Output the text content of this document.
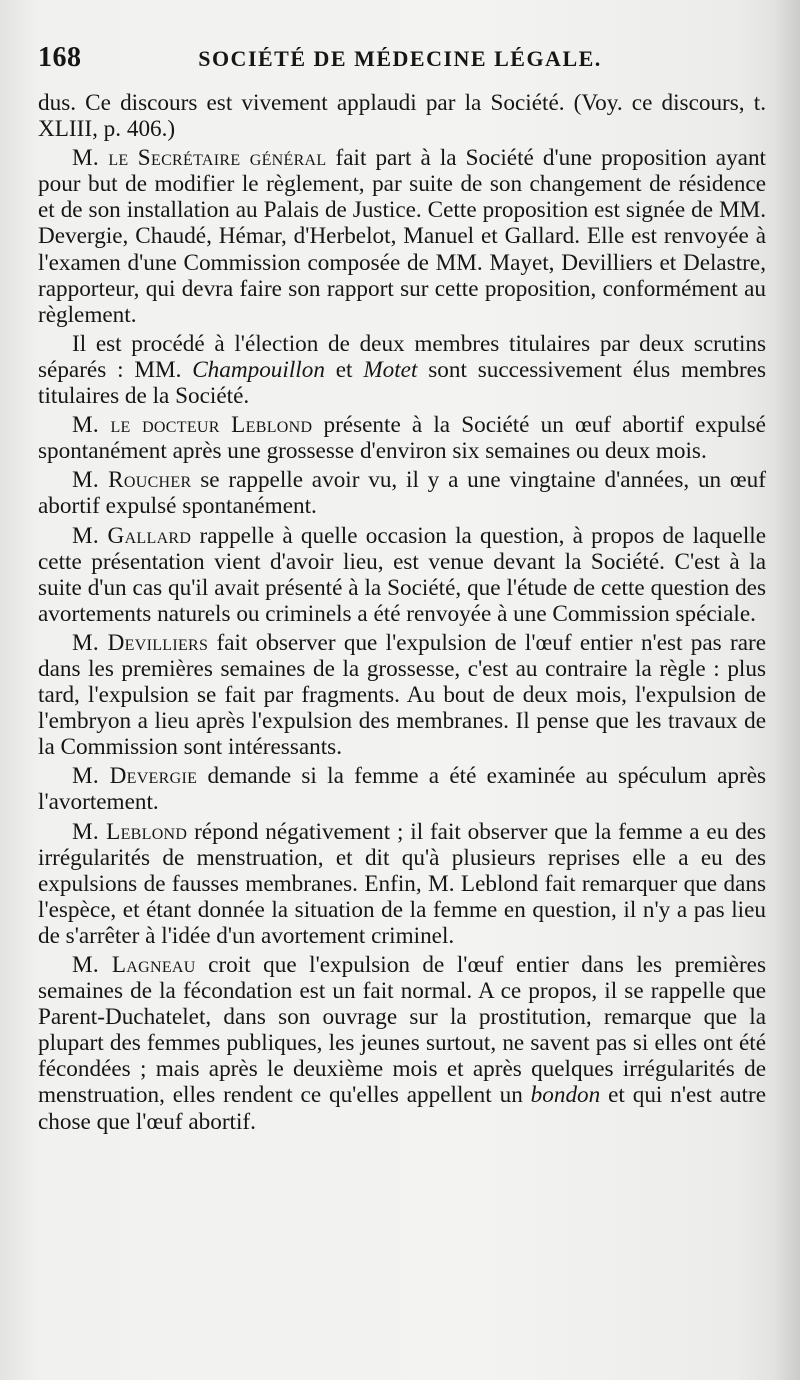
168	SOCIÉTÉ DE MÉDECINE LÉGALE.

dus. Ce discours est vivement applaudi par la Société. (Voy. ce discours, t. XLIII, p. 406.)

M. le Secrétaire général fait part à la Société d'une proposition ayant pour but de modifier le règlement, par suite de son changement de résidence et de son installation au Palais de Justice. Cette proposition est signée de MM. Devergie, Chaudé, Hémar, d'Herbelot, Manuel et Gallard. Elle est renvoyée à l'examen d'une Commission composée de MM. Mayet, Devilliers et Delastre, rapporteur, qui devra faire son rapport sur cette proposition, conformément au règlement.

Il est procédé à l'élection de deux membres titulaires par deux scrutins séparés : MM. Champouillon et Motet sont successivement élus membres titulaires de la Société.

M. le docteur Leblond présente à la Société un œuf abortif expulsé spontanément après une grossesse d'environ six semaines ou deux mois.

M. Roucher se rappelle avoir vu, il y a une vingtaine d'années, un œuf abortif expulsé spontanément.

M. Gallard rappelle à quelle occasion la question, à propos de laquelle cette présentation vient d'avoir lieu, est venue devant la Société. C'est à la suite d'un cas qu'il avait présenté à la Société, que l'étude de cette question des avortements naturels ou criminels a été renvoyée à une Commission spéciale.

M. Devilliers fait observer que l'expulsion de l'œuf entier n'est pas rare dans les premières semaines de la grossesse, c'est au contraire la règle : plus tard, l'expulsion se fait par fragments. Au bout de deux mois, l'expulsion de l'embryon a lieu après l'expulsion des membranes. Il pense que les travaux de la Commission sont intéressants.

M. Devergie demande si la femme a été examinée au spéculum après l'avortement.

M. Leblond répond négativement ; il fait observer que la femme a eu des irrégularités de menstruation, et dit qu'à plusieurs reprises elle a eu des expulsions de fausses membranes. Enfin, M. Leblond fait remarquer que dans l'espèce, et étant donnée la situation de la femme en question, il n'y a pas lieu de s'arrêter à l'idée d'un avortement criminel.

M. Lagneau croit que l'expulsion de l'œuf entier dans les premières semaines de la fécondation est un fait normal. A ce propos, il se rappelle que Parent-Duchatelet, dans son ouvrage sur la prostitution, remarque que la plupart des femmes publiques, les jeunes surtout, ne savent pas si elles ont été fécondées ; mais après le deuxième mois et après quelques irrégularités de menstruation, elles rendent ce qu'elles appellent un bondon et qui n'est autre chose que l'œuf abortif.
